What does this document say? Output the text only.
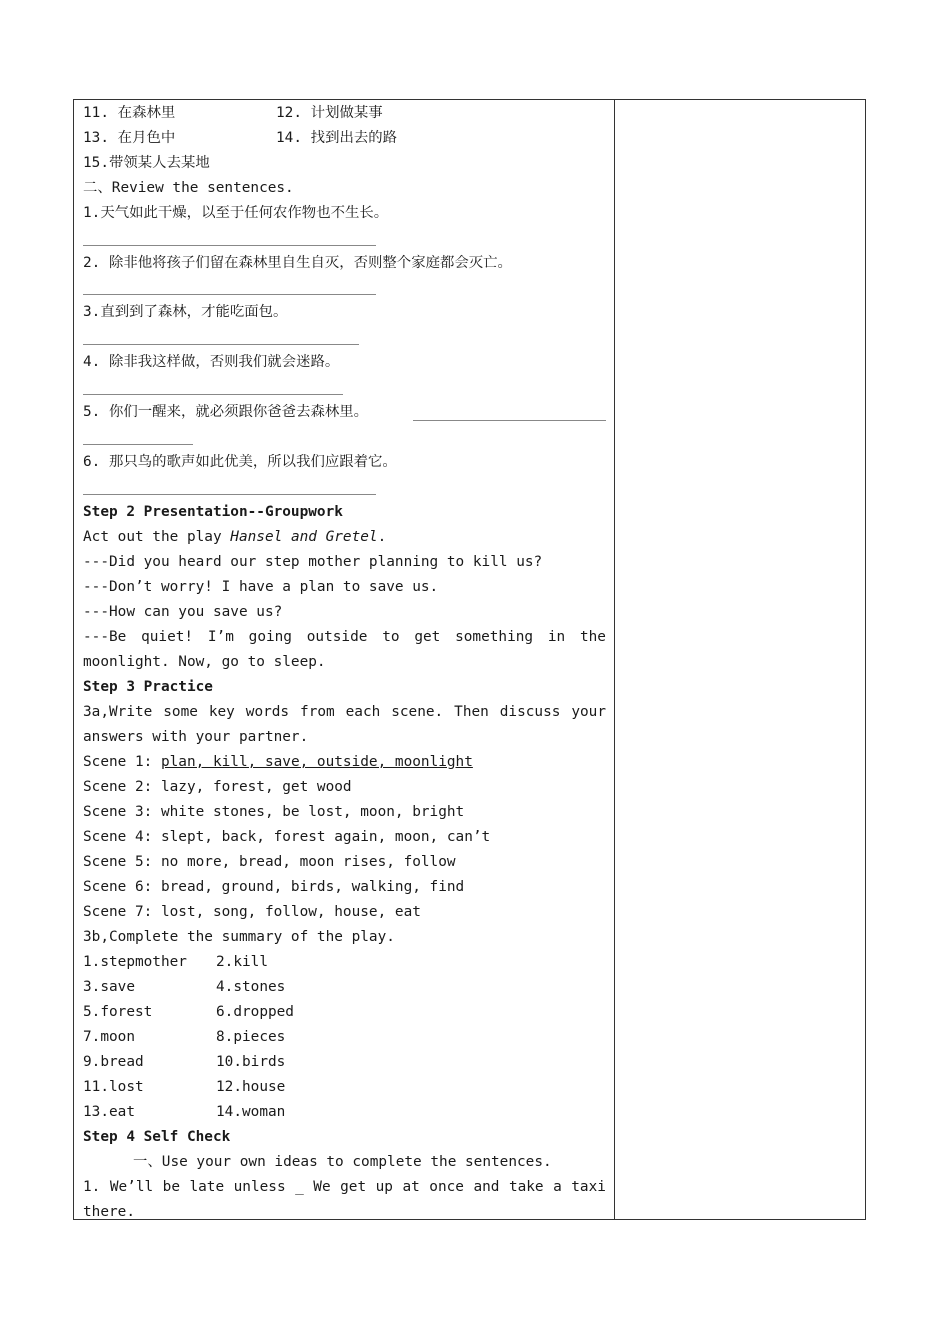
11. 在森林里	12. 计划做某事
13. 在月色中	14. 找到出去的路
15.带领某人去某地
二、Review the sentences.
1.天气如此干燥，以至于任何农作物也不生长。
2. 除非他将孩子们留在森林里自生自灭，否则整个家庭都会灭亡。
3.直到到了森林，才能吃面包。
4. 除非我这样做，否则我们就会迷路。
5. 你们一醒来，就必须跟你爸爸去森林里。
6. 那只鸟的歌声如此优美，所以我们应跟着它。
Step 2 Presentation--Groupwork
Act out the play Hansel and Gretel.
---Did you heard our step mother planning to kill us?
---Don’t worry! I have a plan to save us.
---How can you save us?
---Be quiet! I’m going outside to get something in the
moonlight. Now, go to sleep.
Step 3 Practice
3a,Write some key words from each scene. Then discuss your
answers with your partner.
Scene 1: plan, kill, save, outside, moonlight
Scene 2: lazy, forest, get wood
Scene 3: white stones, be lost, moon, bright
Scene 4: slept, back, forest again, moon, can’t
Scene 5: no more, bread, moon rises, follow
Scene 6: bread, ground, birds, walking, find
Scene 7: lost, song, follow, house, eat
3b,Complete the summary of the play.
1.stepmother 2.kill
3.save	4.stones
5.forest	6.dropped
7.moon	8.pieces
9.bread	10.birds
11.lost	12.house
13.eat	14.woman
Step 4 Self Check
一、Use your own ideas to complete the sentences.
1. We’ll be late unless _ We get up at once and take a taxi
there.
